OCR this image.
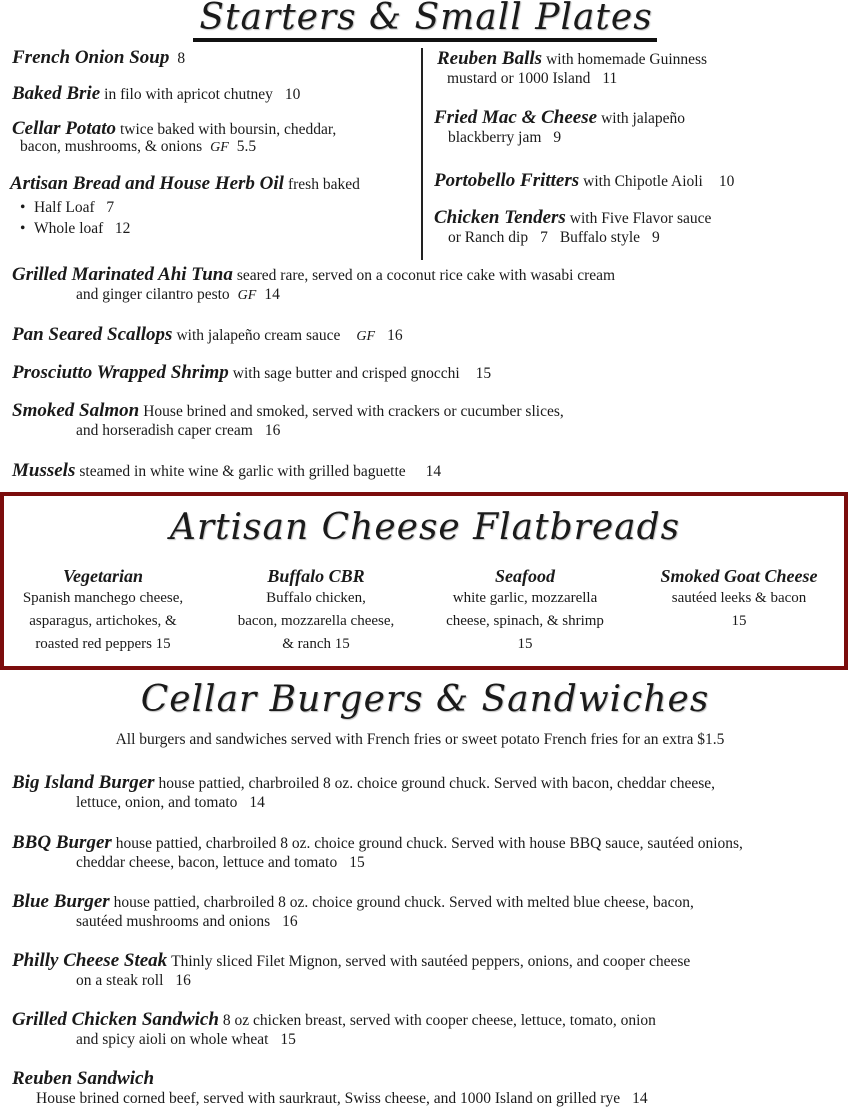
Starters & Small Plates
French Onion Soup 8
Baked Brie in filo with apricot chutney 10
Cellar Potato twice baked with boursin, cheddar,
bacon, mushrooms, & onions GF 5.5
Artisan Bread and House Herb Oil fresh baked
• Half Loaf 7
• Whole loaf 12
Reuben Balls with homemade Guinness
mustard or 1000 Island 11
Fried Mac & Cheese with jalapeño
blackberry jam 9
Portobello Fritters with Chipotle Aioli 10
Chicken Tenders with Five Flavor sauce
or Ranch dip 7 Buffalo style 9
Grilled Marinated Ahi Tuna seared rare, served on a coconut rice cake with wasabi cream
and ginger cilantro pesto GF 14
Pan Seared Scallops with jalapeño cream sauce GF 16
Prosciutto Wrapped Shrimp with sage butter and crisped gnocchi 15
Smoked Salmon House brined and smoked, served with crackers or cucumber slices,
and horseradish caper cream 16
Mussels steamed in white wine & garlic with grilled baguette 14
Artisan Cheese Flatbreads
Vegetarian
Spanish manchego cheese,
asparagus, artichokes, &
roasted red peppers 15
Buffalo CBR
Buffalo chicken,
bacon, mozzarella cheese,
& ranch 15
Seafood
white garlic, mozzarella
cheese, spinach, & shrimp
15
Smoked Goat Cheese
sautéed leeks & bacon
15
Cellar Burgers & Sandwiches
All burgers and sandwiches served with French fries or sweet potato French fries for an extra $1.5
Big Island Burger house pattied, charbroiled 8 oz. choice ground chuck. Served with bacon, cheddar cheese,
lettuce, onion, and tomato 14
BBQ Burger house pattied, charbroiled 8 oz. choice ground chuck. Served with house BBQ sauce, sautéed onions,
cheddar cheese, bacon, lettuce and tomato 15
Blue Burger house pattied, charbroiled 8 oz. choice ground chuck. Served with melted blue cheese, bacon,
sautéed mushrooms and onions 16
Philly Cheese Steak Thinly sliced Filet Mignon, served with sautéed peppers, onions, and cooper cheese
on a steak roll 16
Grilled Chicken Sandwich 8 oz chicken breast, served with cooper cheese, lettuce, tomato, onion
and spicy aioli on whole wheat 15
Reuben Sandwich
House brined corned beef, served with saurkraut, Swiss cheese, and 1000 Island on grilled rye 14
